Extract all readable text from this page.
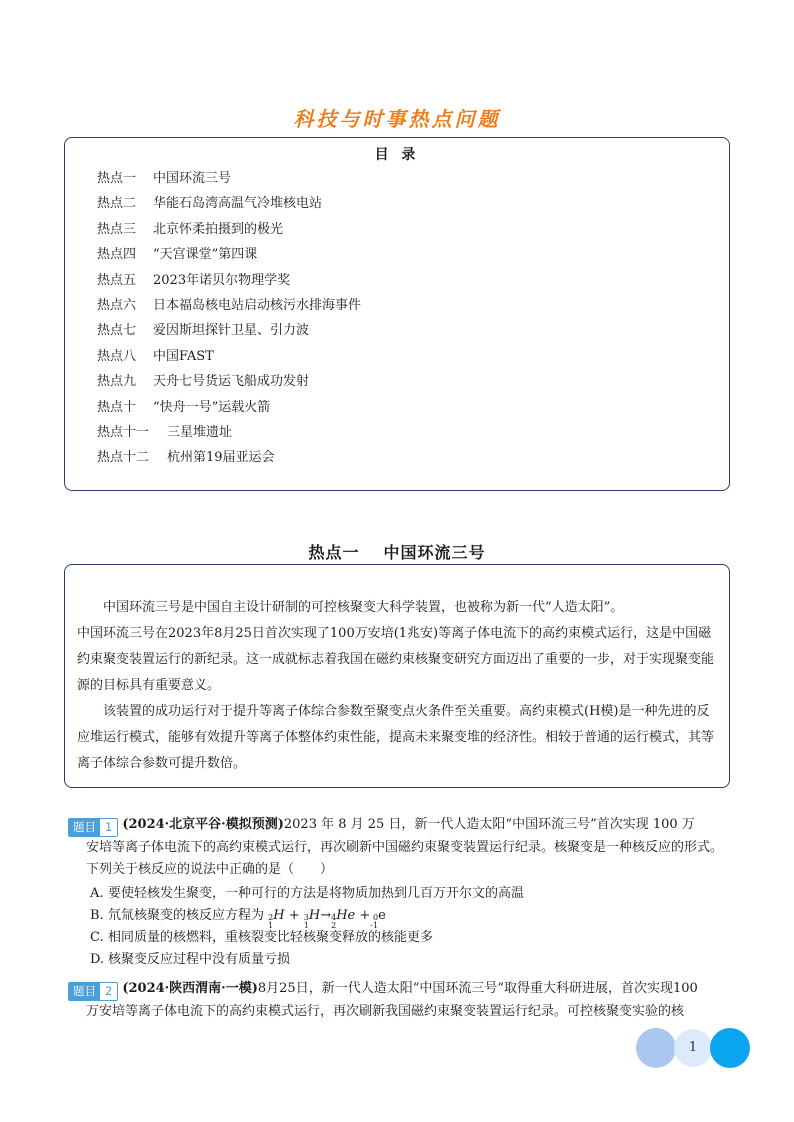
科技与时事热点问题
目 录
热点一 中国环流三号
热点二 华能石岛湾高温气冷堆核电站
热点三 北京怀柔拍摄到的极光
热点四 “天宫课堂”第四课
热点五 2023年诺贝尔物理学奖
热点六 日本福岛核电站启动核污水排海事件
热点七 爱因斯坦探针卫星、引力波
热点八 中国FAST
热点九 天舟七号货运飞船成功发射
热点十 “快舟一号”运载火箭
热点十一 三星堆遗址
热点十二 杭州第19届亚运会
热点一 中国环流三号

中国环流三号是中国自主设计研制的可控核聚变大科学装置，也被称为新一代“人造太阳”。

中国环流三号在2023年8月25日首次实现了100万安培(1兆安)等离子体电流下的高约束模式运行，这是中国磁约束聚变装置运行的新纪录。这一成就标志着我国在磁约束核聚变研究方面迈出了重要的一步，对于实现聚变能源的目标具有重要意义。

该装置的成功运行对于提升等离子体综合参数至聚变点火条件至关重要。高约束模式(H模)是一种先进的反应堆运行模式，能够有效提升等离子体整体约束性能，提高未来聚变堆的经济性。相较于普通的运行模式，其等离子体综合参数可提升数倍。

题目 1 (2024·北京平谷·模拟预测)2023 年 8 月 25 日，新一代人造太阳“中国环流三号”首次实现 100 万
安培等离子体电流下的高约束模式运行，再次刷新中国磁约束聚变装置运行纪录。核聚变是一种核反应的形式。下列关于核反应的说法中正确的是（　　）
A. 要使轻核发生聚变，一种可行的方法是将物质加热到几百万开尔文的高温
B. 氘氚核聚变的核反应方程为 2
1
H + 3
1
H→ 4
2
He + 0
-1
e
C. 相同质量的核燃料，重核裂变比轻核聚变释放的核能更多
D. 核聚变反应过程中没有质量亏损
题目 2 (2024·陕西渭南·一模)8月25日，新一代人造太阳“中国环流三号”取得重大科研进展，首次实现100
万安培等离子体电流下的高约束模式运行，再次刷新我国磁约束聚变装置运行纪录。可控核聚变实验的核
1
